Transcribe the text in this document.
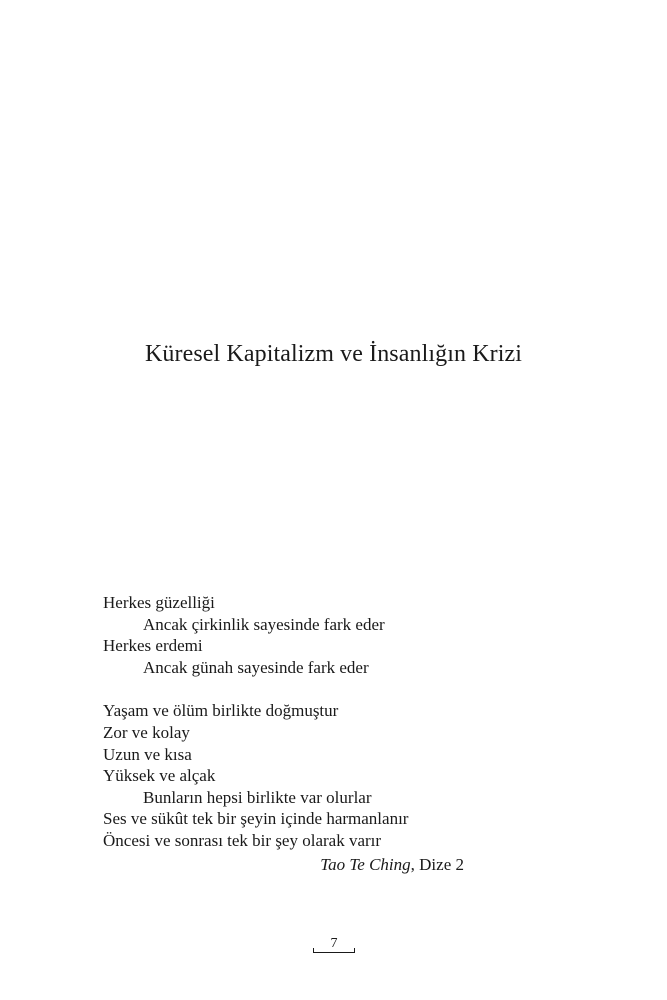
Küresel Kapitalizm ve İnsanlığın Krizi

Herkes güzelliği
Ancak çirkinlik sayesinde fark eder
Herkes erdemi
Ancak günah sayesinde fark eder

Yaşam ve ölüm birlikte doğmuştur
Zor ve kolay
Uzun ve kısa
Yüksek ve alçak
Bunların hepsi birlikte var olurlar
Ses ve sükût tek bir şeyin içinde harmanlanır
Öncesi ve sonrası tek bir şey olarak varır

Tao Te Ching, Dize 2
7
